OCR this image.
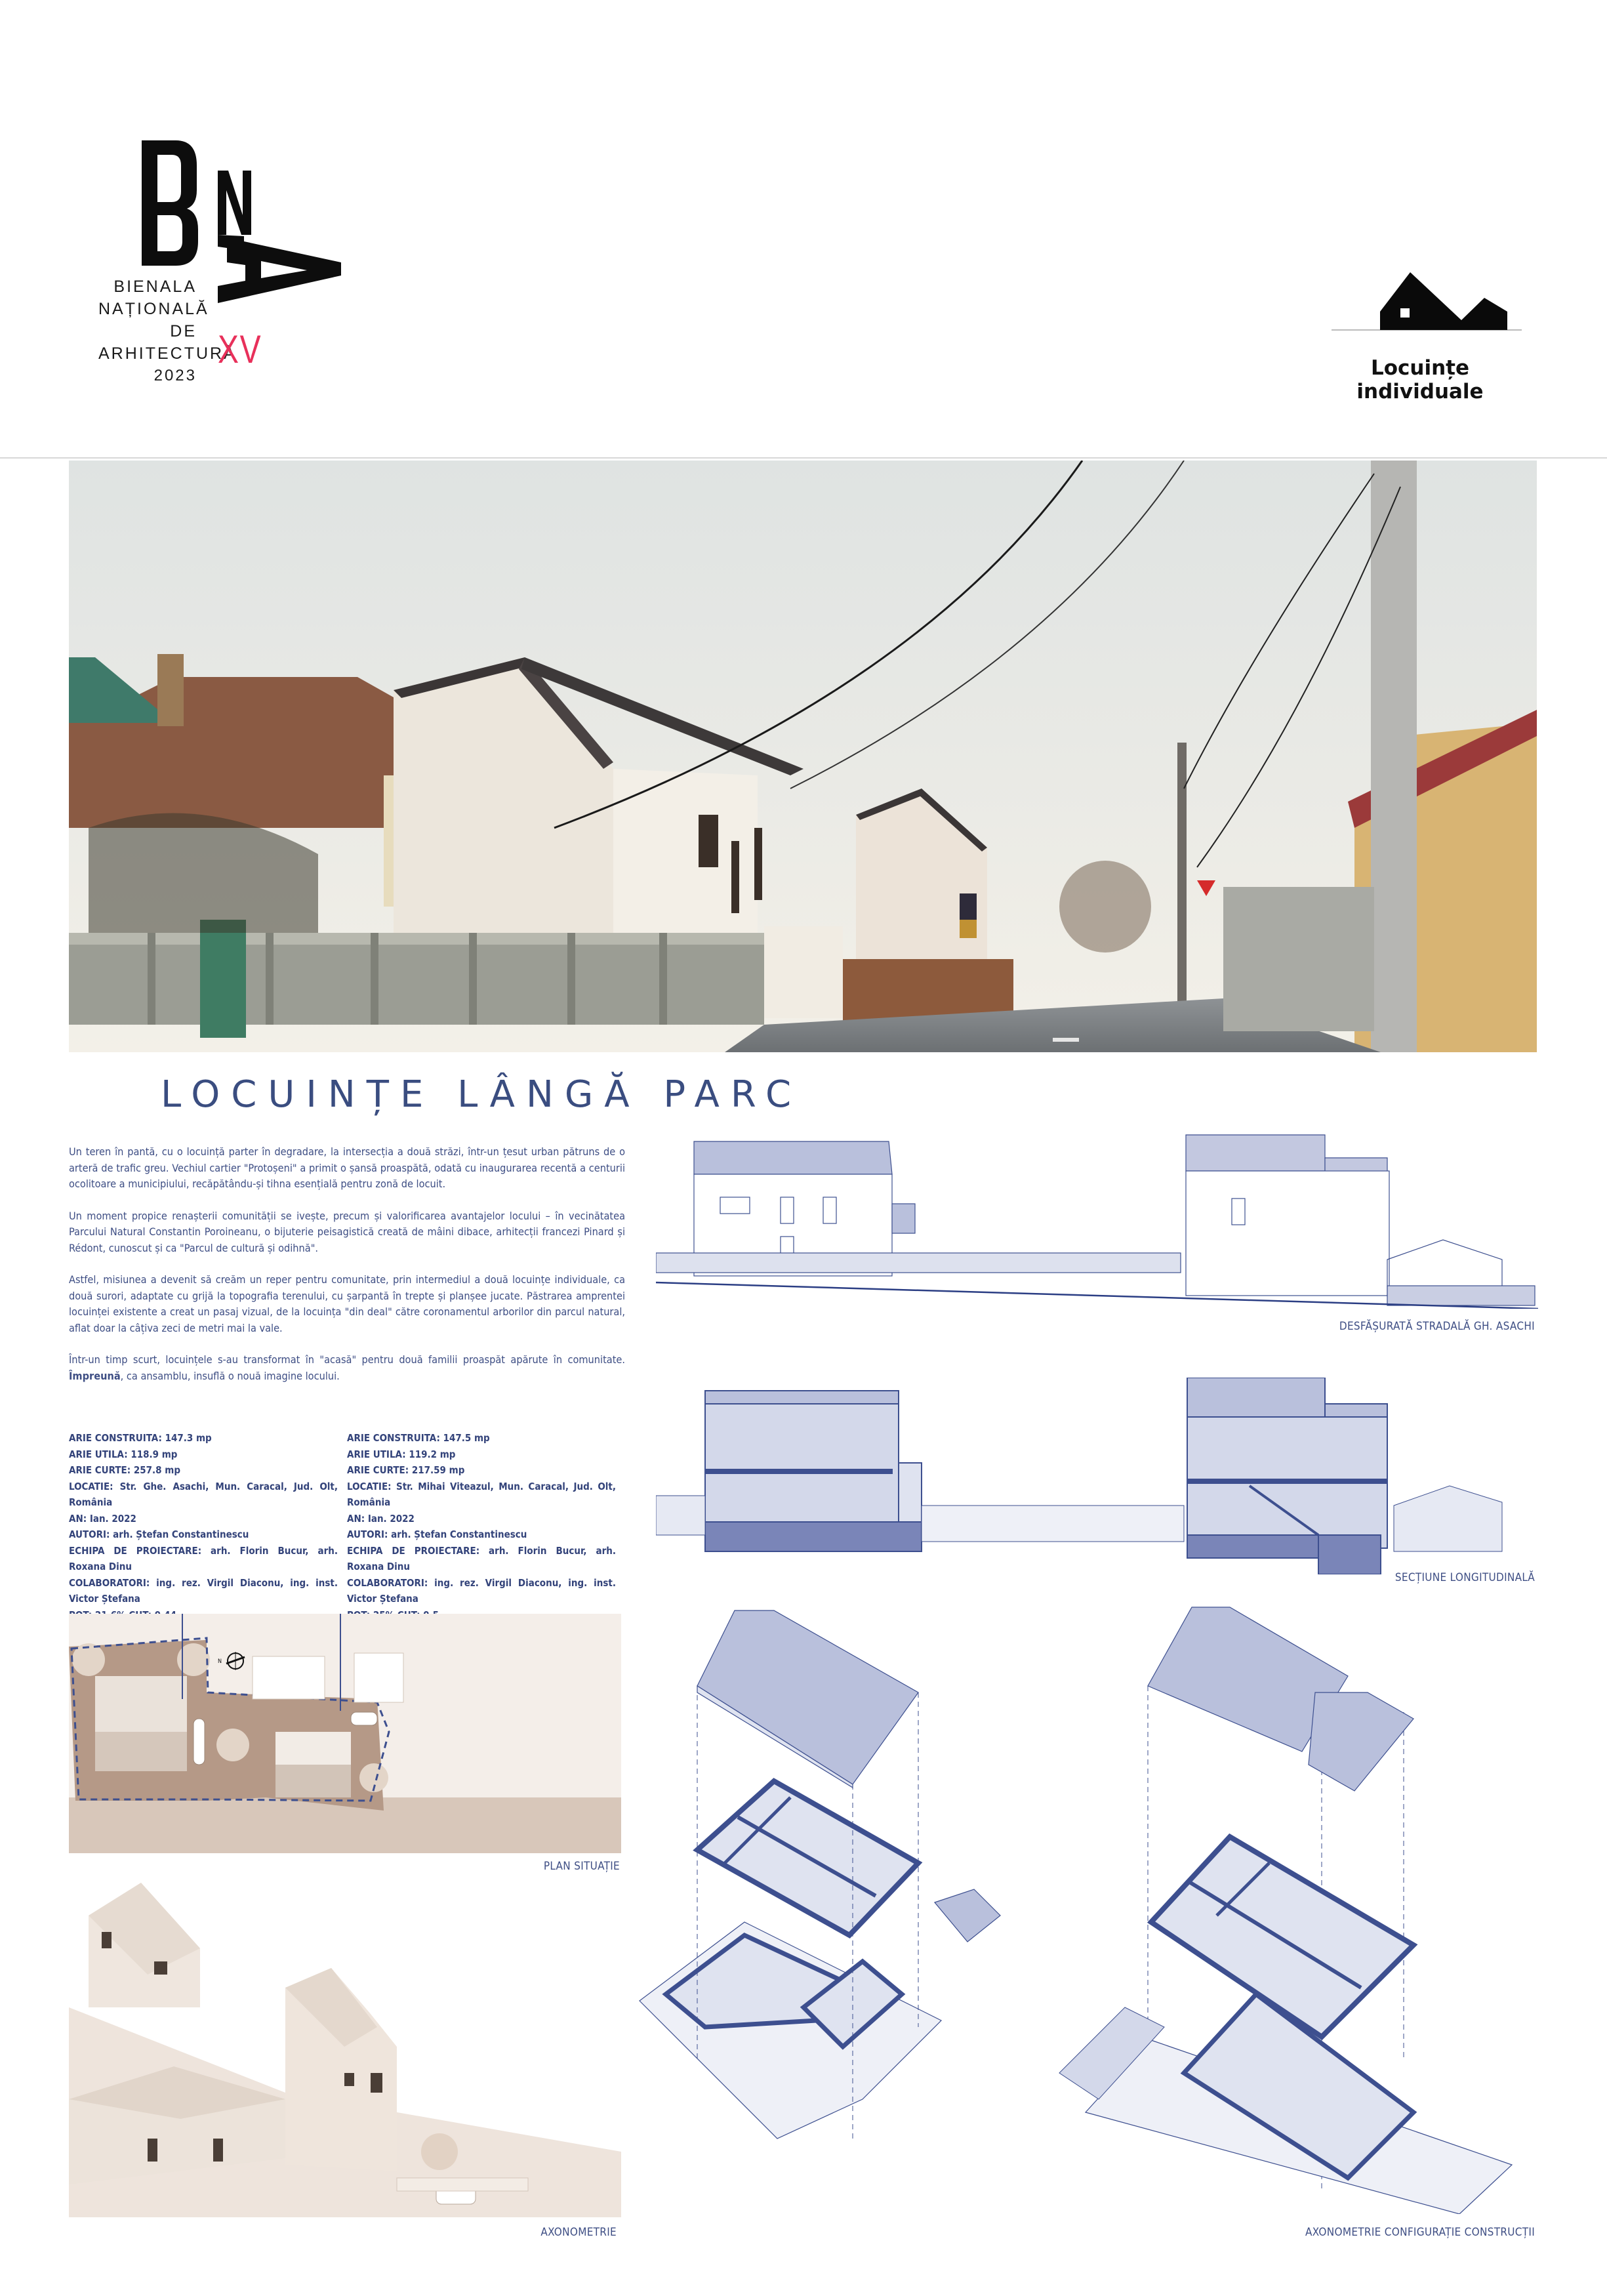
BIENALA
NAȚIONALĂ
DE
ARHITECTURĂ
2023
XV	Locuințe individuale
LOCUINȚE LÂNGĂ PARC

Un teren în pantă, cu o locuință parter în degradare, la intersecția a două străzi, într-un țesut urban pătruns de o arteră de trafic greu. Vechiul cartier "Protoșeni" a primit o șansă proaspătă, odată cu inaugurarea recentă a centurii ocolitoare a municipiului, recăpătându-și tihna esențială pentru zonă de locuit.

Un moment propice renașterii comunității se ivește, precum și valorificarea avantajelor locului – în vecinătatea Parcului Natural Constantin Poroineanu, o bijuterie peisagistică creată de mâini dibace, arhitecții francezi Pinard și Rédont, cunoscut și ca "Parcul de cultură și odihnă".

Astfel, misiunea a devenit să creăm un reper pentru comunitate, prin intermediul a două locuințe individuale, ca două surori, adaptate cu grijă la topografia terenului, cu șarpantă în trepte și planșee jucate. Păstrarea amprentei locuinței existente a creat un pasaj vizual, de la locuința "din deal" către coronamentul arborilor din parcul natural, aflat doar la câțiva zeci de metri mai la vale.

Într-un timp scurt, locuințele s-au transformat în "acasă" pentru două familii proaspăt apărute în comunitate. Împreună, ca ansamblu, insuflă o nouă imagine locului.

ARIE CONSTRUITA: 147.3 mp
ARIE UTILA: 118.9 mp
ARIE CURTE: 257.8 mp
LOCATIE: Str. Ghe. Asachi, Mun. Caracal, Jud. Olt, România
AN: Ian. 2022
AUTORI: arh. Ștefan Constantinescu
ECHIPA DE PROIECTARE: arh. Florin Bucur, arh. Roxana Dinu
COLABORATORI: ing. rez. Virgil Diaconu, ing. inst. Victor Ștefana
ARIE CONSTRUITA: 147.5 mp
ARIE UTILA: 119.2 mp
ARIE CURTE: 217.59 mp
LOCATIE: Str. Mihai Viteazul, Mun. Caracal, Jud. Olt, România
AN: Ian. 2022
AUTORI: arh. Ștefan Constantinescu
ECHIPA DE PROIECTARE: arh. Florin Bucur, arh. Roxana Dinu
COLABORATORI: ing. rez. Virgil Diaconu, ing. inst. Victor Ștefana
N
PLAN SITUAȚIE
AXONOMETRIE
DESFĂȘURATĂ STRADALĂ GH. ASACHI
SECȚIUNE LONGITUDINALĂ
AXONOMETRIE CONFIGURAȚIE CONSTRUCȚII
